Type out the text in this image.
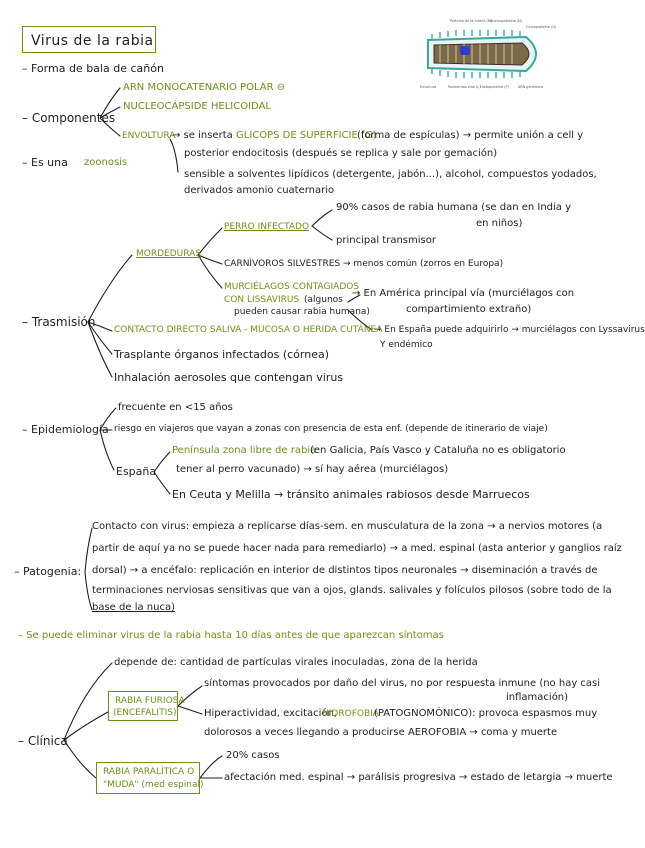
Virus de la rabia
Proteína de la matriz (M)
Nucleoproteína (N)
Glucoproteína (G)
Envoltura	Polimerasa viral (L) Fosfoproteína (P)	ARN genómico
– Forma de bala de cañón
– Componentes
ARN MONOCATENARIO POLAR ⊖
NUCLEOCÁPSIDE HELICOIDAL
ENVOLTURA
→ se inserta GLICOPS DE SUPERFICIE (G)
(forma de espículas) → permite unión a cell y
posterior endocitosis (después se replica y sale por gemación)
sensible a solventes lipídicos (detergente, jabón...), alcohol, compuestos yodados,
derivados amonio cuaternario
– Es una zoonosis
– Trasmisión
MORDEDURAS
PERRO INFECTADO
90% casos de rabia humana (se dan en India y
en niños)
principal transmisor
CARNÍVOROS SILVESTRES → menos común (zorros en Europa)
MURCIÉLAGOS CONTAGIADOS
CON LISSAVIRUS (algunos
pueden causar rabia humana)
→ En América principal vía (murciélagos con
compartimiento extraño)
→ En España puede adquirirlo → murciélagos con Lyssavirus
Y endémico
CONTACTO DIRECTO SALIVA - MUCOSA O HERIDA CUTÁNEA
Trasplante órganos infectados (córnea)
Inhalación aerosoles que contengan virus
– Epidemiología
frecuente en <15 años
riesgo en viajeros que vayan a zonas con presencia de esta enf. (depende de itinerario de viaje)
España
Península zona libre de rabia
(en Galicia, País Vasco y Cataluña no es obligatorio
tener al perro vacunado) → sí hay aérea (murciélagos)
En Ceuta y Melilla → tránsito animales rabiosos desde Marruecos
– Patogenia:
Contacto con virus: empieza a replicarse días-sem. en musculatura de la zona → a nervios motores (a
partir de aquí ya no se puede hacer nada para remediarlo) → a med. espinal (asta anterior y ganglios raíz
dorsal) → a encéfalo: replicación en interior de distintos tipos neuronales → diseminación a través de
terminaciones nerviosas sensitivas que van a ojos, glands. salivales y folículos pilosos (sobre todo de la
base de la nuca)
– Se puede eliminar virus de la rabia hasta 10 días antes de que aparezcan síntomas
– Clínica
depende de: cantidad de partículas virales inoculadas, zona de la herida
RABIA FURIOSA
(ENCEFALITIS)
síntomas provocados por daño del virus, no por respuesta inmune (no hay casi
inflamación)
Hiperactividad, excitación,
HIDROFOBIA
(PATOGNOMÓNICO): provoca espasmos muy
dolorosos a veces llegando a producirse AEROFOBIA → coma y muerte
RABIA PARALÍTICA O
"MUDA" (med espinal)
20% casos
afectación med. espinal → parálisis progresiva → estado de letargia → muerte
